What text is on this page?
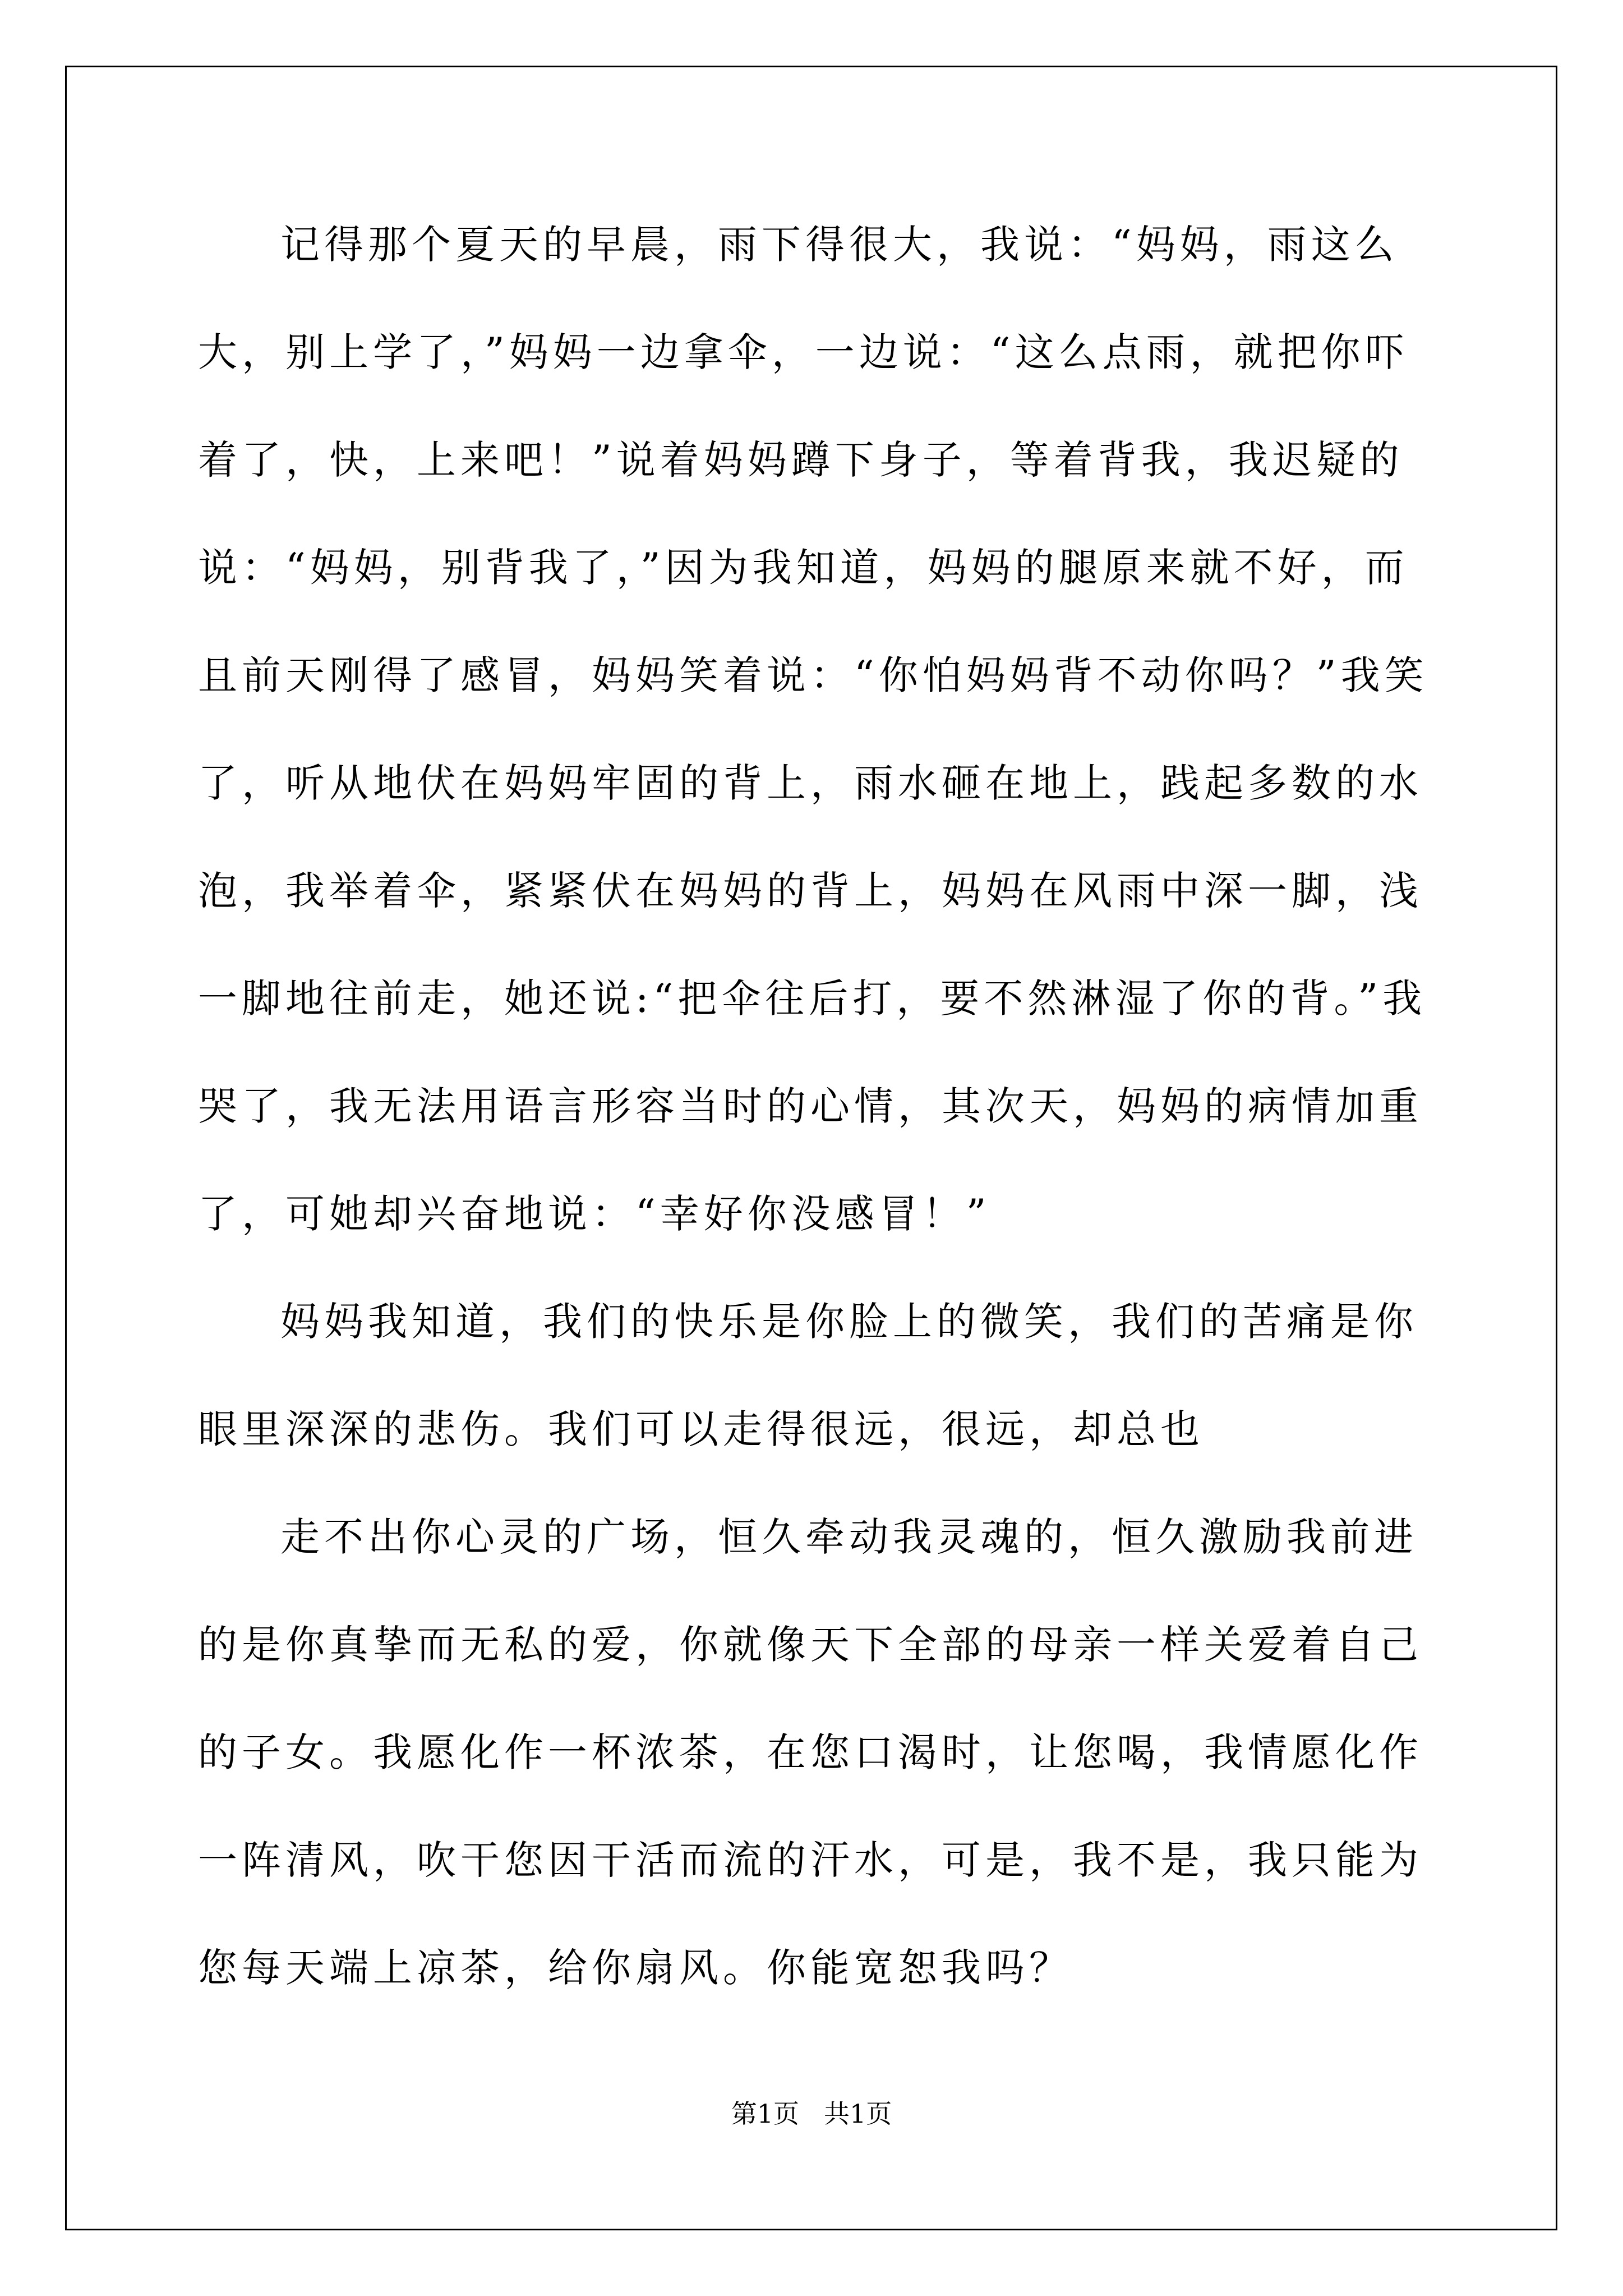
记得那个夏天的早晨，雨下得很大，我说：“妈妈，雨这么大，别上学了，”妈妈一边拿伞，一边说：“这么点雨，就把你吓着了，快，上来吧！”说着妈妈蹲下身子，等着背我，我迟疑的说：“妈妈，别背我了，”因为我知道，妈妈的腿原来就不好，而且前天刚得了感冒，妈妈笑着说：“你怕妈妈背不动你吗？”我笑了，听从地伏在妈妈牢固的背上，雨水砸在地上，践起多数的水泡，我举着伞，紧紧伏在妈妈的背上，妈妈在风雨中深一脚，浅一脚地往前走，她还说:“把伞往后打，要不然淋湿了你的背。”我哭了，我无法用语言形容当时的心情，其次天，妈妈的病情加重了，可她却兴奋地说：“幸好你没感冒！”

妈妈我知道，我们的快乐是你脸上的微笑，我们的苦痛是你眼里深深的悲伤。我们可以走得很远，很远，却总也

走不出你心灵的广场，恒久牵动我灵魂的，恒久激励我前进的是你真挚而无私的爱，你就像天下全部的母亲一样关爱着自己的子女。我愿化作一杯浓茶，在您口渴时，让您喝，我情愿化作一阵清风，吹干您因干活而流的汗水，可是，我不是，我只能为您每天端上凉茶，给你扇风。你能宽恕我吗？

第1页 共1页
